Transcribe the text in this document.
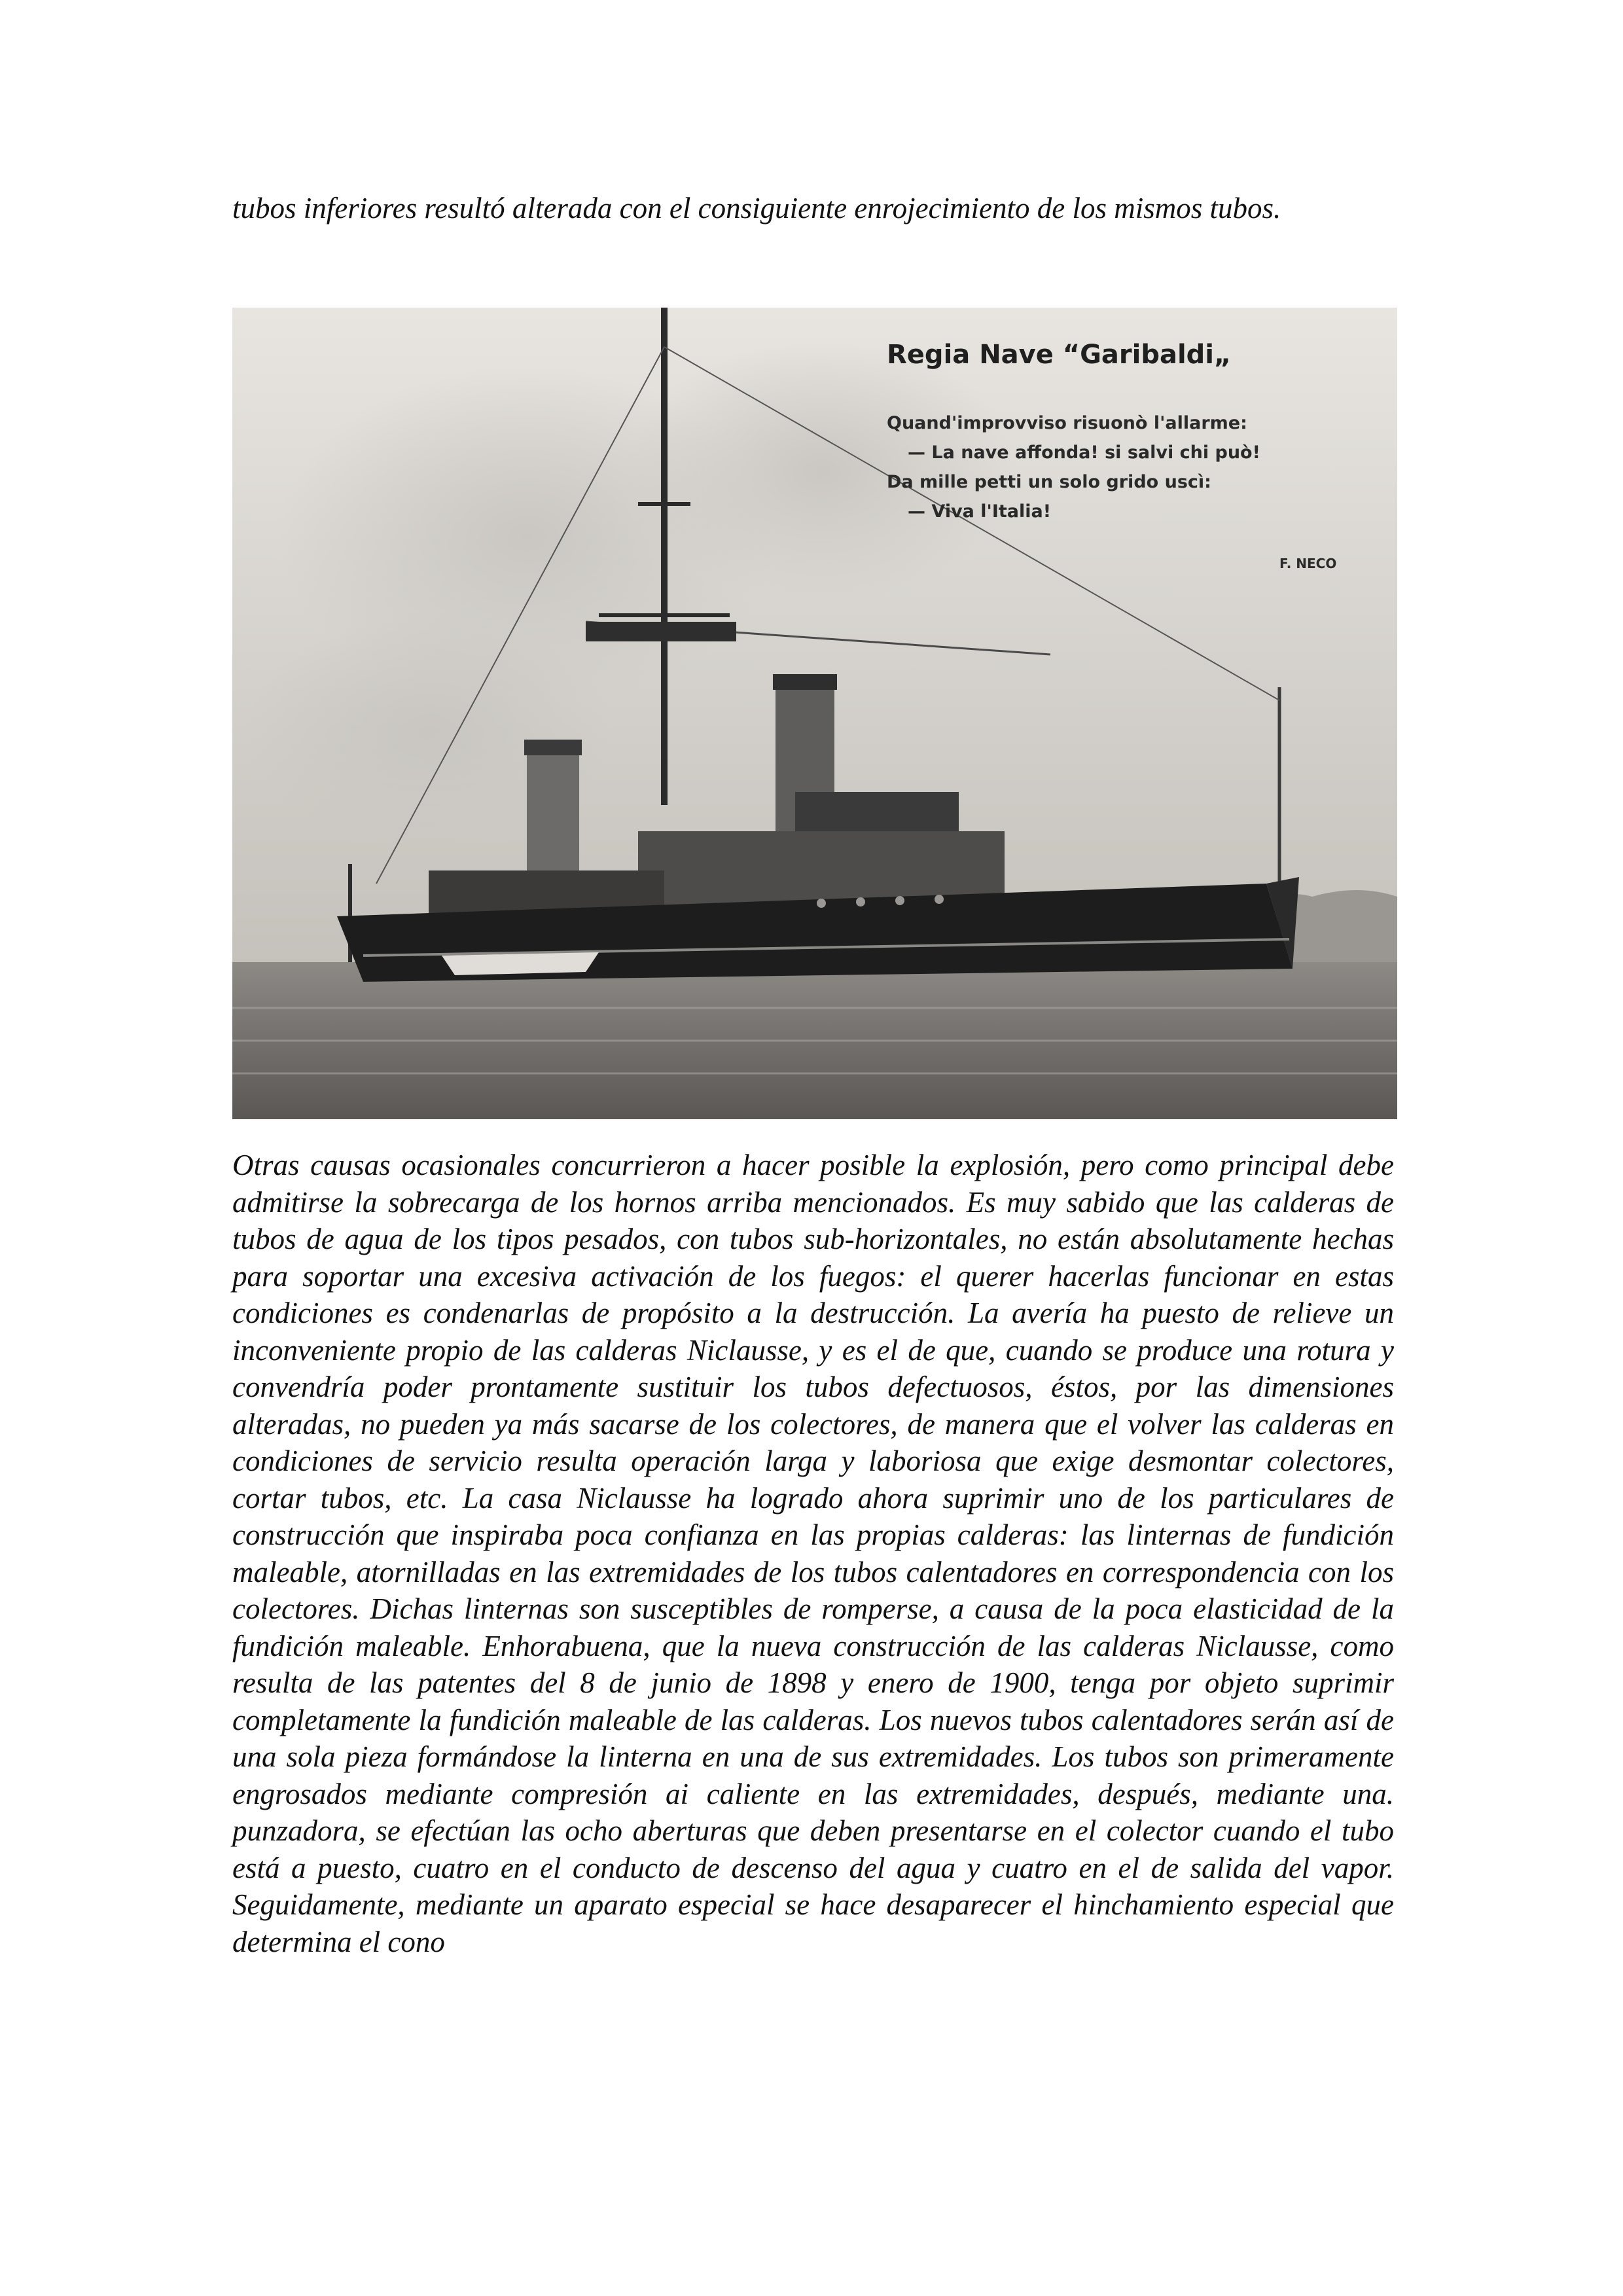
tubos inferiores resultó alterada con el consiguiente enrojecimiento de los mismos tubos.

Regia Nave “Garibaldi„
Quand'improvviso risuonò l'allarme:
— La nave affonda! si salvi chi può!
Da mille petti un solo grido uscì:
— Viva l'Italia!
F. NECO

Otras causas ocasionales concurrieron a hacer posible la explosión, pero como principal debe admitirse la sobrecarga de los hornos arriba mencionados. Es muy sabido que las calderas de tubos de agua de los tipos pesados, con tubos sub-horizontales, no están absolutamente hechas para soportar una excesiva activación de los fuegos: el querer hacerlas funcionar en estas condiciones es condenarlas de propósito a la destrucción. La avería ha puesto de relieve un inconveniente propio de las calderas Niclausse, y es el de que, cuando se produce una rotura y convendría poder prontamente sustituir los tubos defectuosos, éstos, por las dimensiones alteradas, no pueden ya más sacarse de los colectores, de manera que el volver las calderas en condiciones de servicio resulta operación larga y laboriosa que exige desmontar colectores, cortar tubos, etc. La casa Niclausse ha logrado ahora suprimir uno de los particulares de construcción que inspiraba poca confianza en las propias calderas: las linternas de fundición maleable, atornilladas en las extremidades de los tubos calentadores en correspondencia con los colectores. Dichas linternas son susceptibles de romperse, a causa de la poca elasticidad de la fundición maleable. Enhorabuena, que la nueva construcción de las calderas Niclausse, como resulta de las patentes del 8 de junio de 1898 y enero de 1900, tenga por objeto suprimir completamente la fundición maleable de las calderas. Los nuevos tubos calentadores serán así de una sola pieza formándose la linterna en una de sus extremidades. Los tubos son primeramente engrosados mediante compresión ai caliente en las extremidades, después, mediante una. punzadora, se efectúan las ocho aberturas que deben presentarse en el colector cuando el tubo está a puesto, cuatro en el conducto de descenso del agua y cuatro en el de salida del vapor. Seguidamente, mediante un aparato especial se hace desaparecer el hinchamiento especial que determina el cono
